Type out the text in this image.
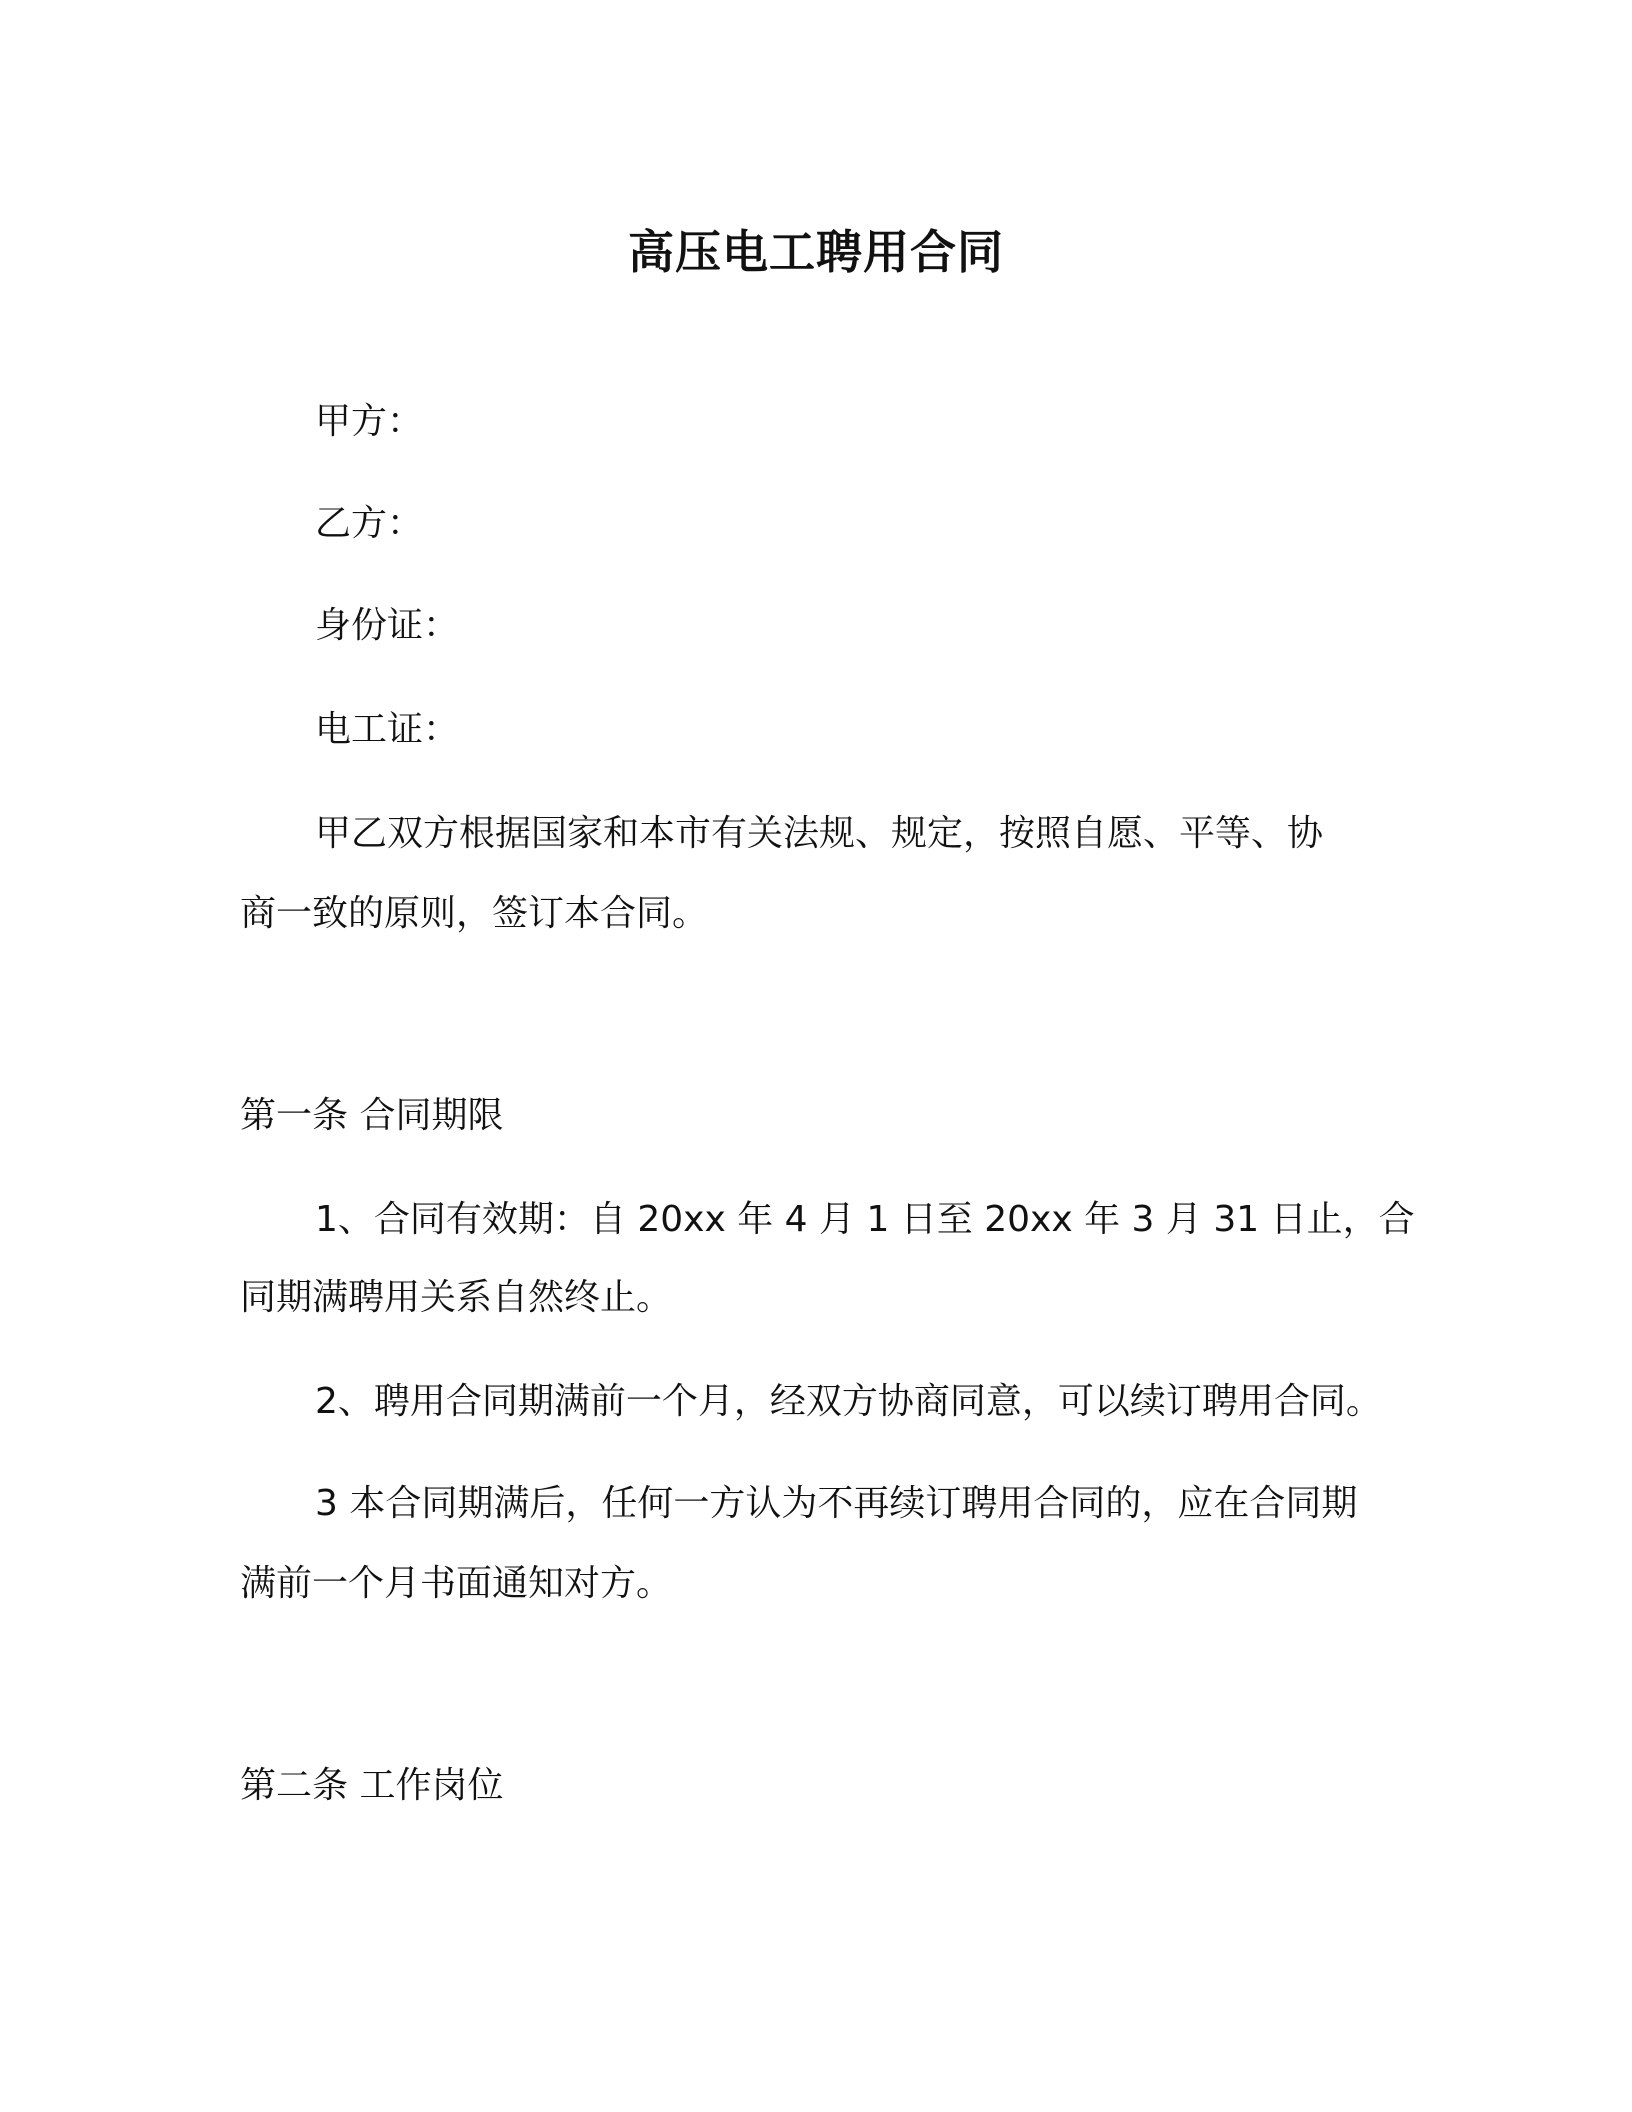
高压电工聘用合同

甲方：

乙方：

身份证：

电工证：

甲乙双方根据国家和本市有关法规、规定，按照自愿、平等、协

商一致的原则，签订本合同。

第一条 合同期限

1、合同有效期：自 20xx 年 4 月 1 日至 20xx 年 3 月 31 日止，合

同期满聘用关系自然终止。

2、聘用合同期满前一个月，经双方协商同意，可以续订聘用合同。

3 本合同期满后，任何一方认为不再续订聘用合同的，应在合同期

满前一个月书面通知对方。

第二条 工作岗位
